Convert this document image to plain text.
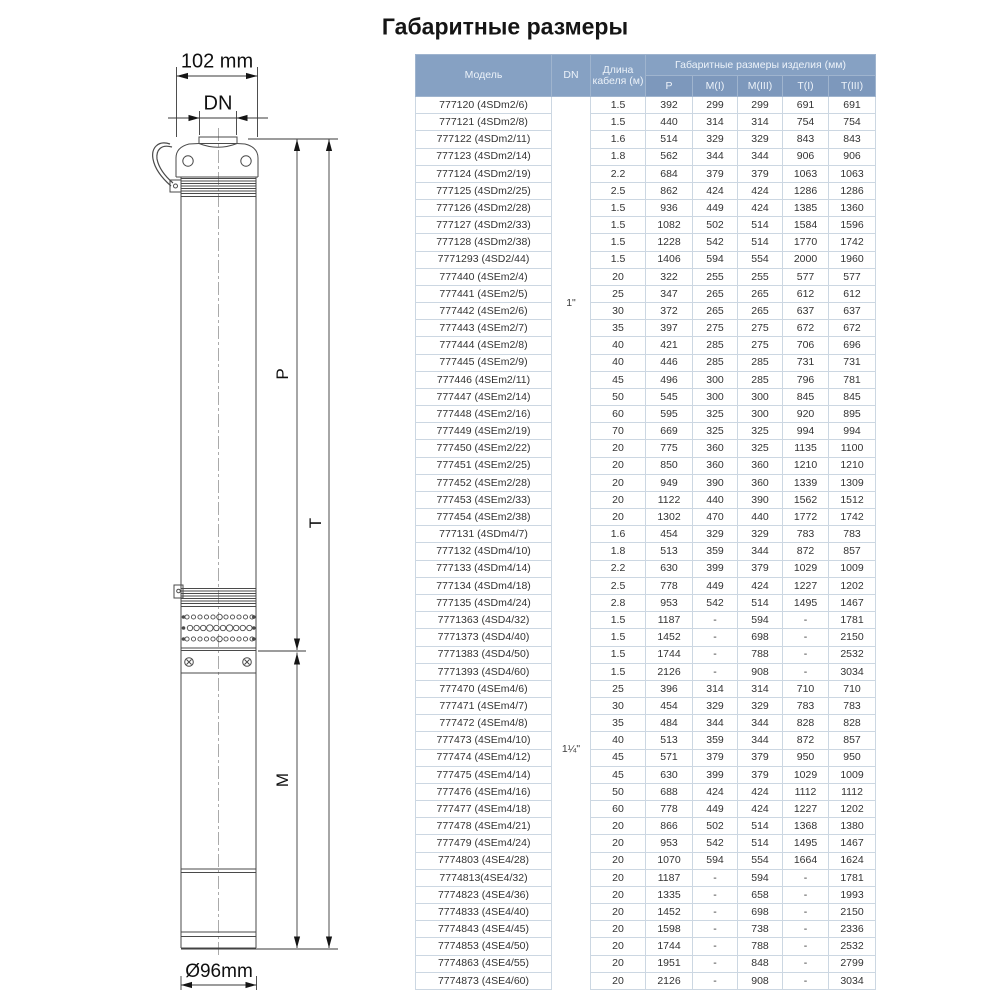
Габаритные размеры
102 mm
DN
P
T
M
Ø96mm
Модель	DN	Длина кабеля (м)	Габаритные размеры изделия (мм)				
			P	M(I)	M(III)	T(I)	T(III)
777120 (4SDm2/6)	1"	1.5	392	299	299	691	691
777121 (4SDm2/8)		1.5	440	314	314	754	754
777122 (4SDm2/11)		1.6	514	329	329	843	843
777123 (4SDm2/14)		1.8	562	344	344	906	906
777124 (4SDm2/19)		2.2	684	379	379	1063	1063
777125 (4SDm2/25)		2.5	862	424	424	1286	1286
777126 (4SDm2/28)		1.5	936	449	424	1385	1360
777127 (4SDm2/33)		1.5	1082	502	514	1584	1596
777128 (4SDm2/38)		1.5	1228	542	514	1770	1742
7771293 (4SD2/44)		1.5	1406	594	554	2000	1960
777440 (4SEm2/4)		20	322	255	255	577	577
777441 (4SEm2/5)		25	347	265	265	612	612
777442 (4SEm2/6)		30	372	265	265	637	637
777443 (4SEm2/7)		35	397	275	275	672	672
777444 (4SEm2/8)		40	421	285	275	706	696
777445 (4SEm2/9)		40	446	285	285	731	731
777446 (4SEm2/11)		45	496	300	285	796	781
777447 (4SEm2/14)		50	545	300	300	845	845
777448 (4SEm2/16)		60	595	325	300	920	895
777449 (4SEm2/19)		70	669	325	325	994	994
777450 (4SEm2/22)		20	775	360	325	1135	1100
777451 (4SEm2/25)		20	850	360	360	1210	1210
777452 (4SEm2/28)		20	949	390	360	1339	1309
777453 (4SEm2/33)		20	1122	440	390	1562	1512
777454 (4SEm2/38)	1¼"	20	1302	470	440	1772	1742
777131 (4SDm4/7)		1.6	454	329	329	783	783
777132 (4SDm4/10)		1.8	513	359	344	872	857
777133 (4SDm4/14)		2.2	630	399	379	1029	1009
777134 (4SDm4/18)		2.5	778	449	424	1227	1202
777135 (4SDm4/24)		2.8	953	542	514	1495	1467
7771363 (4SD4/32)		1.5	1187	-	594	-	1781
7771373 (4SD4/40)		1.5	1452	-	698	-	2150
7771383 (4SD4/50)		1.5	1744	-	788	-	2532
7771393 (4SD4/60)		1.5	2126	-	908	-	3034
777470 (4SEm4/6)		25	396	314	314	710	710
777471 (4SEm4/7)		30	454	329	329	783	783
777472 (4SEm4/8)		35	484	344	344	828	828
777473 (4SEm4/10)		40	513	359	344	872	857
777474 (4SEm4/12)		45	571	379	379	950	950
777475 (4SEm4/14)		45	630	399	379	1029	1009
777476 (4SEm4/16)		50	688	424	424	1112	1112
777477 (4SEm4/18)		60	778	449	424	1227	1202
777478 (4SEm4/21)		20	866	502	514	1368	1380
777479 (4SEm4/24)		20	953	542	514	1495	1467
7774803 (4SE4/28)		20	1070	594	554	1664	1624
7774813(4SE4/32)		20	1187	-	594	-	1781
7774823 (4SE4/36)		20	1335	-	658	-	1993
7774833 (4SE4/40)		20	1452	-	698	-	2150
7774843 (4SE4/45)		20	1598	-	738	-	2336
7774853 (4SE4/50)		20	1744	-	788	-	2532
7774863 (4SE4/55)		20	1951	-	848	-	2799
7774873 (4SE4/60)		20	2126	-	908	-	3034
